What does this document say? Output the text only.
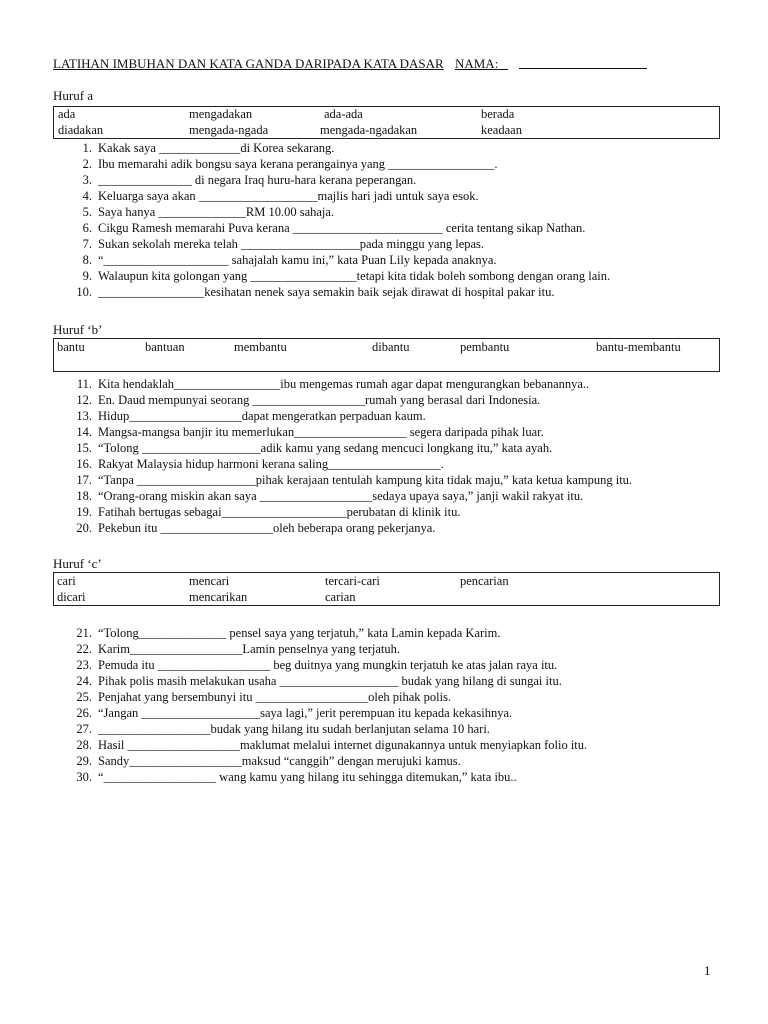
LATIHAN IMBUHAN DAN KATA GANDA DARIPADA KATA DASAR NAMA: _
Huruf a
ada	mengadakan	ada-ada	berada
diadakan	mengada-ngada	mengada-ngadakan	keadaan
1. Kakak saya _____________di Korea sekarang.
2. Ibu memarahi adik bongsu saya kerana perangainya yang _________________.
3. _______________ di negara Iraq huru-hara kerana peperangan.
4. Keluarga saya akan ___________________majlis hari jadi untuk saya esok.
5. Saya hanya ______________RM 10.00 sahaja.
6. Cikgu Ramesh memarahi Puva kerana ________________________ cerita tentang sikap Nathan.
7. Sukan sekolah mereka telah ___________________pada minggu yang lepas.
8. “____________________ sahajalah kamu ini,” kata Puan Lily kepada anaknya.
9. Walaupun kita golongan yang _________________tetapi kita tidak boleh sombong dengan orang lain.
10. _________________kesihatan nenek saya semakin baik sejak dirawat di hospital pakar itu.
Huruf ‘b’
bantu	bantuan	membantu	dibantu	pembantu	bantu-membantu
11. Kita hendaklah_________________ibu mengemas rumah agar dapat mengurangkan bebanannya..
12. En. Daud mempunyai seorang __________________rumah yang berasal dari Indonesia.
13. Hidup__________________dapat mengeratkan perpaduan kaum.
14. Mangsa-mangsa banjir itu memerlukan__________________ segera daripada pihak luar.
15. “Tolong ___________________adik kamu yang sedang mencuci longkang itu,” kata ayah.
16. Rakyat Malaysia hidup harmoni kerana saling__________________.
17. “Tanpa ___________________pihak kerajaan tentulah kampung kita tidak maju,” kata ketua kampung itu.
18. “Orang-orang miskin akan saya __________________sedaya upaya saya,” janji wakil rakyat itu.
19. Fatihah bertugas sebagai____________________perubatan di klinik itu.
20. Pekebun itu __________________oleh beberapa orang pekerjanya.
Huruf ‘c’
cari	mencari	tercari-cari	pencarian
dicari	mencarikan	carian
21. “Tolong______________ pensel saya yang terjatuh,” kata Lamin kepada Karim.
22. Karim__________________Lamin penselnya yang terjatuh.
23. Pemuda itu __________________ beg duitnya yang mungkin terjatuh ke atas jalan raya itu.
24. Pihak polis masih melakukan usaha ___________________ budak yang hilang di sungai itu.
25. Penjahat yang bersembunyi itu __________________oleh pihak polis.
26. “Jangan ___________________saya lagi,” jerit perempuan itu kepada kekasihnya.
27. __________________budak yang hilang itu sudah berlanjutan selama 10 hari.
28. Hasil __________________maklumat melalui internet digunakannya untuk menyiapkan folio itu.
29. Sandy__________________maksud “canggih” dengan merujuki kamus.
30. “__________________ wang kamu yang hilang itu sehingga ditemukan,” kata ibu..
1
